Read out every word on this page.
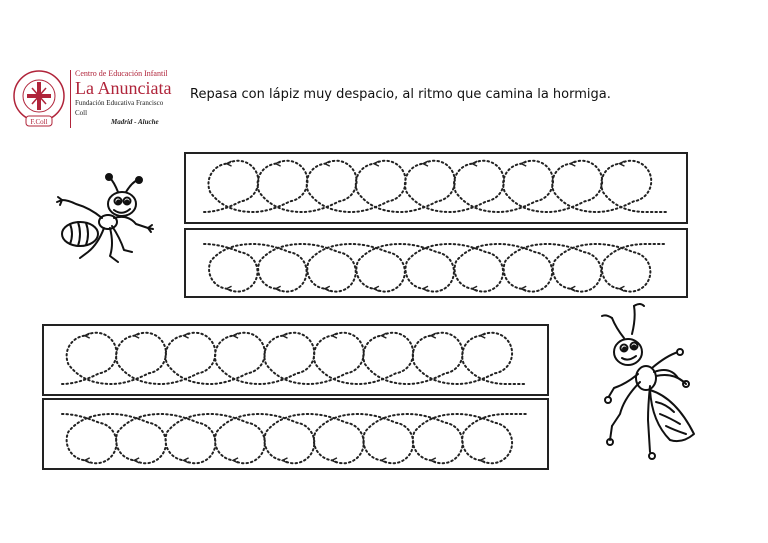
F.Coll
Centro de Educación Infantil
La Anunciata
Fundación Educativa Francisco Coll
Madrid - Aluche
Repasa con lápiz muy despacio, al ritmo que camina la hormiga.
